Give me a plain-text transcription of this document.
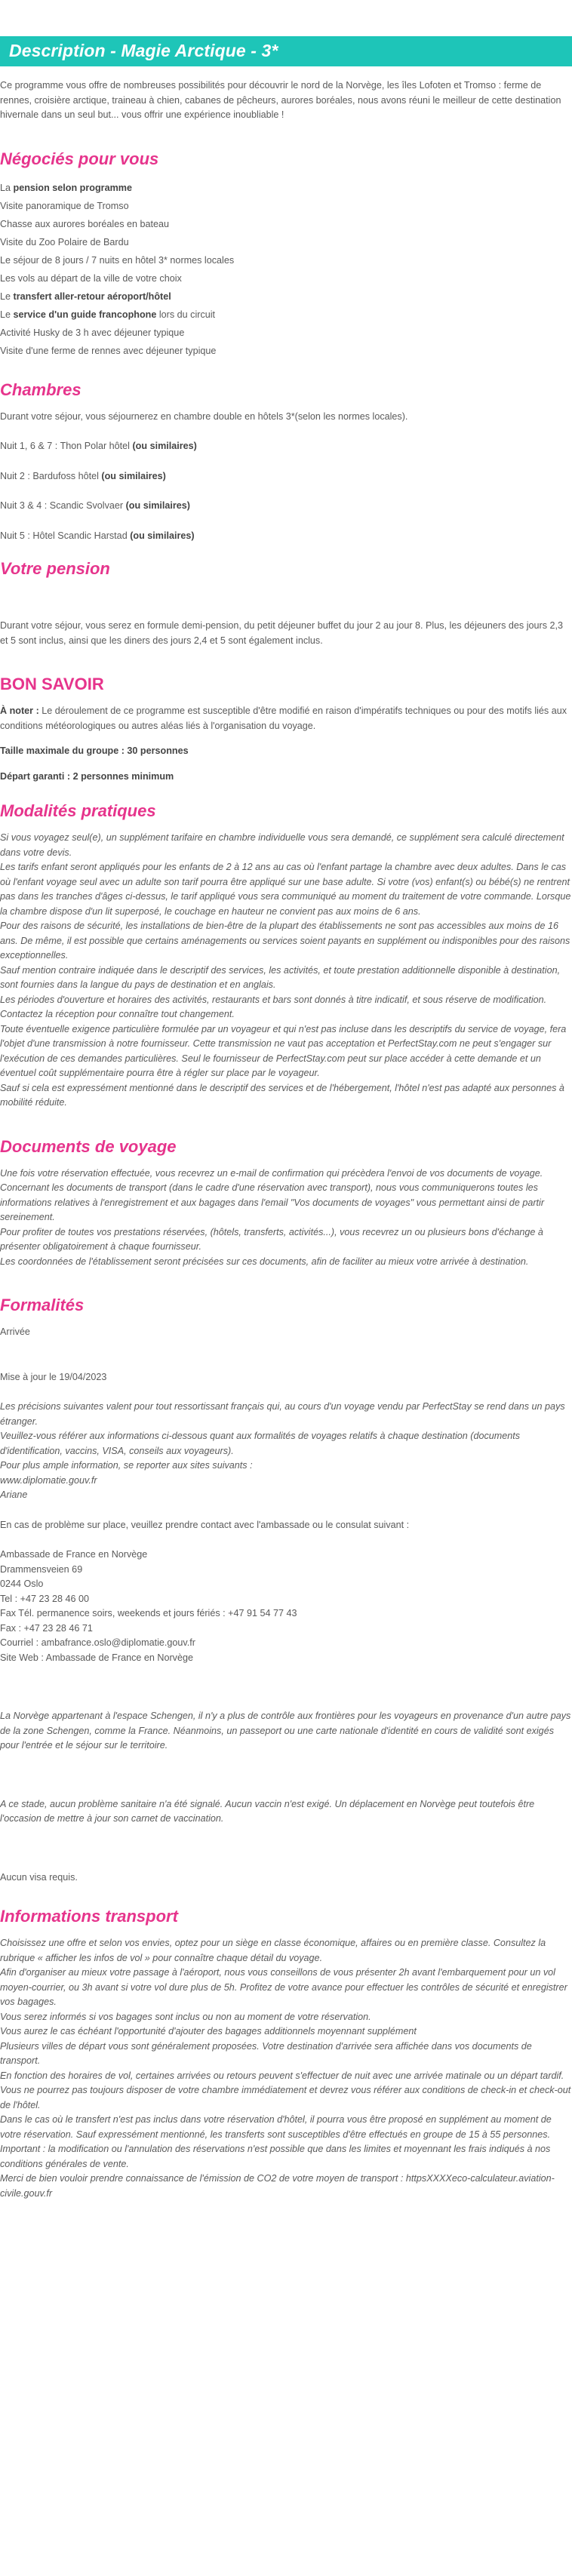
Description - Magie Arctique - 3*

Ce programme vous offre de nombreuses possibilités pour découvrir le nord de la Norvège, les îles Lofoten et Tromso : ferme de rennes, croisière arctique, traineau à chien, cabanes de pêcheurs, aurores boréales, nous avons réuni le meilleur de cette destination hivernale dans un seul but... vous offrir une expérience inoubliable !

Négociés pour vous
La pension selon programme
Visite panoramique de Tromso
Chasse aux aurores boréales en bateau
Visite du Zoo Polaire de Bardu
Le séjour de 8 jours / 7 nuits en hôtel 3* normes locales
Les vols au départ de la ville de votre choix
Le transfert aller-retour aéroport/hôtel
Le service d'un guide francophone lors du circuit
Activité Husky de 3 h avec déjeuner typique
Visite d'une ferme de rennes avec déjeuner typique
Chambres

Durant votre séjour, vous séjournerez en chambre double en hôtels 3*(selon les normes locales).

Nuit 1, 6 & 7 : Thon Polar hôtel (ou similaires)

Nuit 2 : Bardufoss hôtel (ou similaires)

Nuit 3 & 4 : Scandic Svolvaer (ou similaires)

Nuit 5 : Hôtel Scandic Harstad (ou similaires)

Votre pension

Durant votre séjour, vous serez en formule demi-pension, du petit déjeuner buffet du jour 2 au jour 8. Plus, les déjeuners des jours 2,3 et 5 sont inclus, ainsi que les diners des jours 2,4 et 5 sont également inclus.

BON SAVOIR

À noter : Le déroulement de ce programme est susceptible d'être modifié en raison d'impératifs techniques ou pour des motifs liés aux conditions météorologiques ou autres aléas liés à l'organisation du voyage.

Taille maximale du groupe : 30 personnes

Départ garanti : 2 personnes minimum

Modalités pratiques
Si vous voyagez seul(e), un supplément tarifaire en chambre individuelle vous sera demandé, ce supplément sera calculé directement dans votre devis.
Les tarifs enfant seront appliqués pour les enfants de 2 à 12 ans au cas où l'enfant partage la chambre avec deux adultes. Dans le cas où l'enfant voyage seul avec un adulte son tarif pourra être appliqué sur une base adulte. Si votre (vos) enfant(s) ou bébé(s) ne rentrent pas dans les tranches d'âges ci-dessus, le tarif appliqué vous sera communiqué au moment du traitement de votre commande. Lorsque la chambre dispose d'un lit superposé, le couchage en hauteur ne convient pas aux moins de 6 ans.
Pour des raisons de sécurité, les installations de bien-être de la plupart des établissements ne sont pas accessibles aux moins de 16 ans. De même, il est possible que certains aménagements ou services soient payants en supplément ou indisponibles pour des raisons exceptionnelles.
Sauf mention contraire indiquée dans le descriptif des services, les activités, et toute prestation additionnelle disponible à destination, sont fournies dans la langue du pays de destination et en anglais.
Les périodes d'ouverture et horaires des activités, restaurants et bars sont donnés à titre indicatif, et sous réserve de modification. Contactez la réception pour connaître tout changement.
Toute éventuelle exigence particulière formulée par un voyageur et qui n'est pas incluse dans les descriptifs du service de voyage, fera l'objet d'une transmission à notre fournisseur. Cette transmission ne vaut pas acceptation et PerfectStay.com ne peut s'engager sur l'exécution de ces demandes particulières. Seul le fournisseur de PerfectStay.com peut sur place accéder à cette demande et un éventuel coût supplémentaire pourra être à régler sur place par le voyageur.
Sauf si cela est expressément mentionné dans le descriptif des services et de l'hébergement, l'hôtel n'est pas adapté aux personnes à mobilité réduite.
Documents de voyage
Une fois votre réservation effectuée, vous recevrez un e-mail de confirmation qui précèdera l'envoi de vos documents de voyage.
Concernant les documents de transport (dans le cadre d'une réservation avec transport), nous vous communiquerons toutes les informations relatives à l'enregistrement et aux bagages dans l'email "Vos documents de voyages" vous permettant ainsi de partir sereinement.
Pour profiter de toutes vos prestations réservées, (hôtels, transferts, activités...), vous recevrez un ou plusieurs bons d'échange à présenter obligatoirement à chaque fournisseur.
Les coordonnées de l'établissement seront précisées sur ces documents, afin de faciliter au mieux votre arrivée à destination.
Formalités

Arrivée

Mise à jour le 19/04/2023

Les précisions suivantes valent pour tout ressortissant français qui, au cours d'un voyage vendu par PerfectStay se rend dans un pays étranger.
Veuillez-vous référer aux informations ci-dessous quant aux formalités de voyages relatifs à chaque destination (documents d'identification, vaccins, VISA, conseils aux voyageurs).
Pour plus ample information, se reporter aux sites suivants :
www.diplomatie.gouv.fr
Ariane

En cas de problème sur place, veuillez prendre contact avec l'ambassade ou le consulat suivant :

Ambassade de France en Norvège
Drammensveien 69
0244 Oslo
Tel : +47 23 28 46 00
Fax Tél. permanence soirs, weekends et jours fériés : +47 91 54 77 43
Fax : +47 23 28 46 71
Courriel : ambafrance.oslo@diplomatie.gouv.fr
Site Web : Ambassade de France en Norvège

La Norvège appartenant à l'espace Schengen, il n'y a plus de contrôle aux frontières pour les voyageurs en provenance d'un autre pays de la zone Schengen, comme la France. Néanmoins, un passeport ou une carte nationale d'identité en cours de validité sont exigés pour l'entrée et le séjour sur le territoire.

A ce stade, aucun problème sanitaire n'a été signalé. Aucun vaccin n'est exigé. Un déplacement en Norvège peut toutefois être l'occasion de mettre à jour son carnet de vaccination.

Aucun visa requis.

Informations transport
Choisissez une offre et selon vos envies, optez pour un siège en classe économique, affaires ou en première classe. Consultez la rubrique « afficher les infos de vol » pour connaître chaque détail du voyage.
Afin d'organiser au mieux votre passage à l'aéroport, nous vous conseillons de vous présenter 2h avant l'embarquement pour un vol moyen-courrier, ou 3h avant si votre vol dure plus de 5h. Profitez de votre avance pour effectuer les contrôles de sécurité et enregistrer vos bagages.
Vous serez informés si vos bagages sont inclus ou non au moment de votre réservation.
Vous aurez le cas échéant l'opportunité d'ajouter des bagages additionnels moyennant supplément
Plusieurs villes de départ vous sont généralement proposées. Votre destination d'arrivée sera affichée dans vos documents de transport.
En fonction des horaires de vol, certaines arrivées ou retours peuvent s'effectuer de nuit avec une arrivée matinale ou un départ tardif. Vous ne pourrez pas toujours disposer de votre chambre immédiatement et devrez vous référer aux conditions de check-in et check-out de l'hôtel.
Dans le cas où le transfert n'est pas inclus dans votre réservation d'hôtel, il pourra vous être proposé en supplément au moment de votre réservation. Sauf expressément mentionné, les transferts sont susceptibles d'être effectués en groupe de 15 à 55 personnes.
Important : la modification ou l'annulation des réservations n'est possible que dans les limites et moyennant les frais indiqués à nos conditions générales de vente.
Merci de bien vouloir prendre connaissance de l'émission de CO2 de votre moyen de transport : httpsXXXXeco-calculateur.aviation-civile.gouv.fr
